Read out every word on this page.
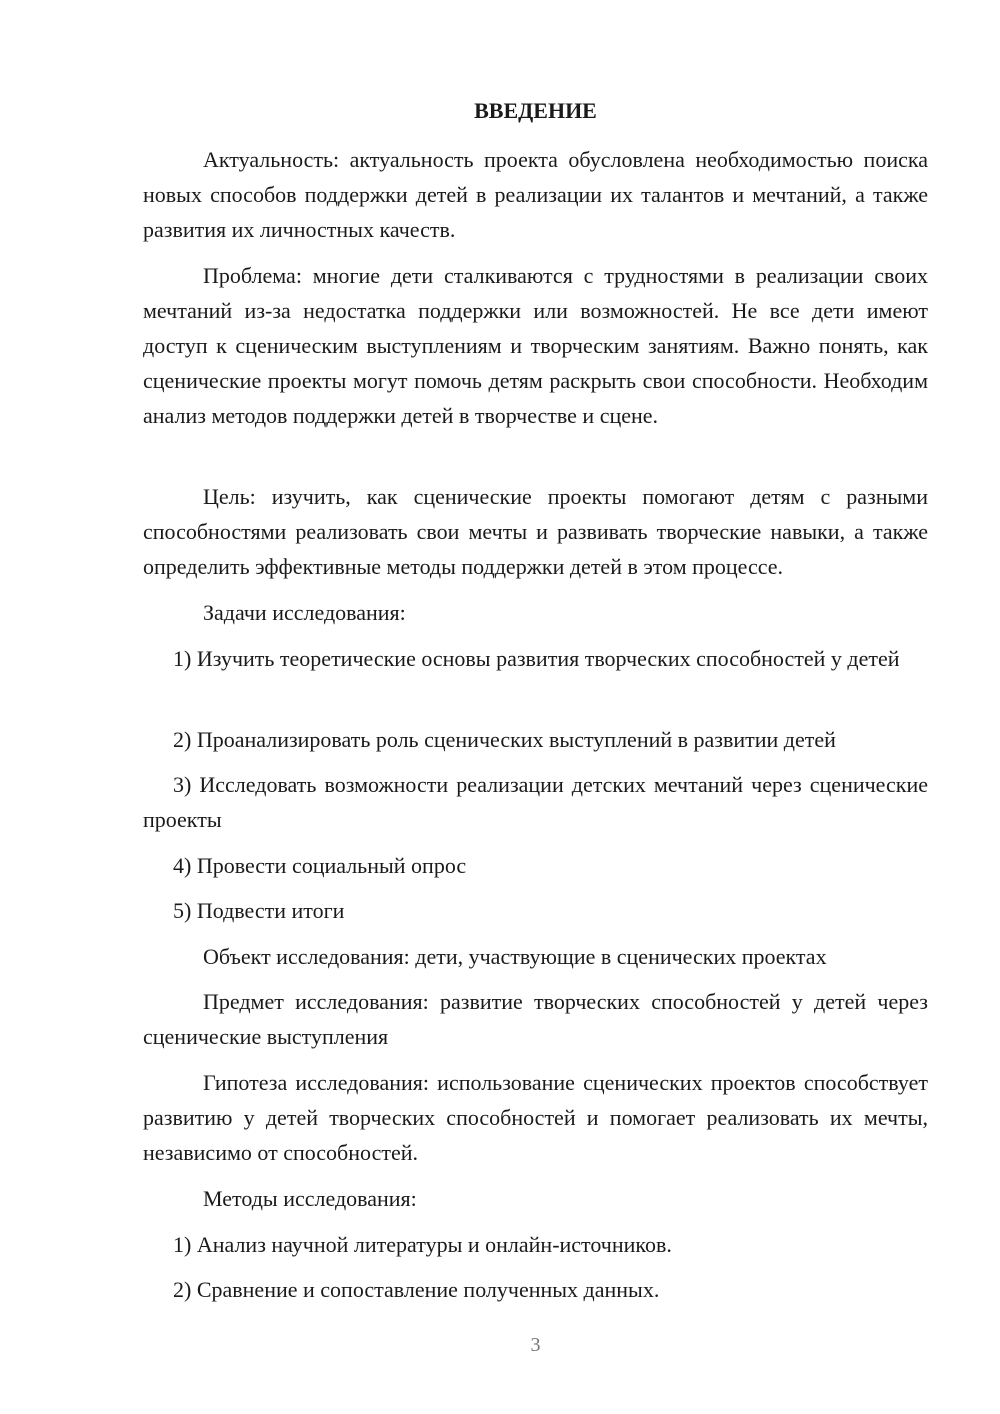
ВВЕДЕНИЕ

Актуальность: актуальность проекта обусловлена необходимостью поиска новых способов поддержки детей в реализации их талантов и мечтаний, а также развития их личностных качеств.

Проблема: многие дети сталкиваются с трудностями в реализации своих мечтаний из-за недостатка поддержки или возможностей. Не все дети имеют доступ к сценическим выступлениям и творческим занятиям. Важно понять, как сценические проекты могут помочь детям раскрыть свои способности. Необходим анализ методов поддержки детей в творчестве и сцене.

Цель: изучить, как сценические проекты помогают детям с разными способностями реализовать свои мечты и развивать творческие навыки, а также определить эффективные методы поддержки детей в этом процессе.

Задачи исследования:

1) Изучить теоретические основы развития творческих способностей у детей

2) Проанализировать роль сценических выступлений в развитии детей

3) Исследовать возможности реализации детских мечтаний через сценические проекты

4) Провести социальный опрос

5) Подвести итоги

Объект исследования: дети, участвующие в сценических проектах

Предмет исследования: развитие творческих способностей у детей через сценические выступления

Гипотеза исследования: использование сценических проектов способствует развитию у детей творческих способностей и помогает реализовать их мечты, независимо от способностей.

Методы исследования:

1) Анализ научной литературы и онлайн-источников.

2) Сравнение и сопоставление полученных данных.

3
